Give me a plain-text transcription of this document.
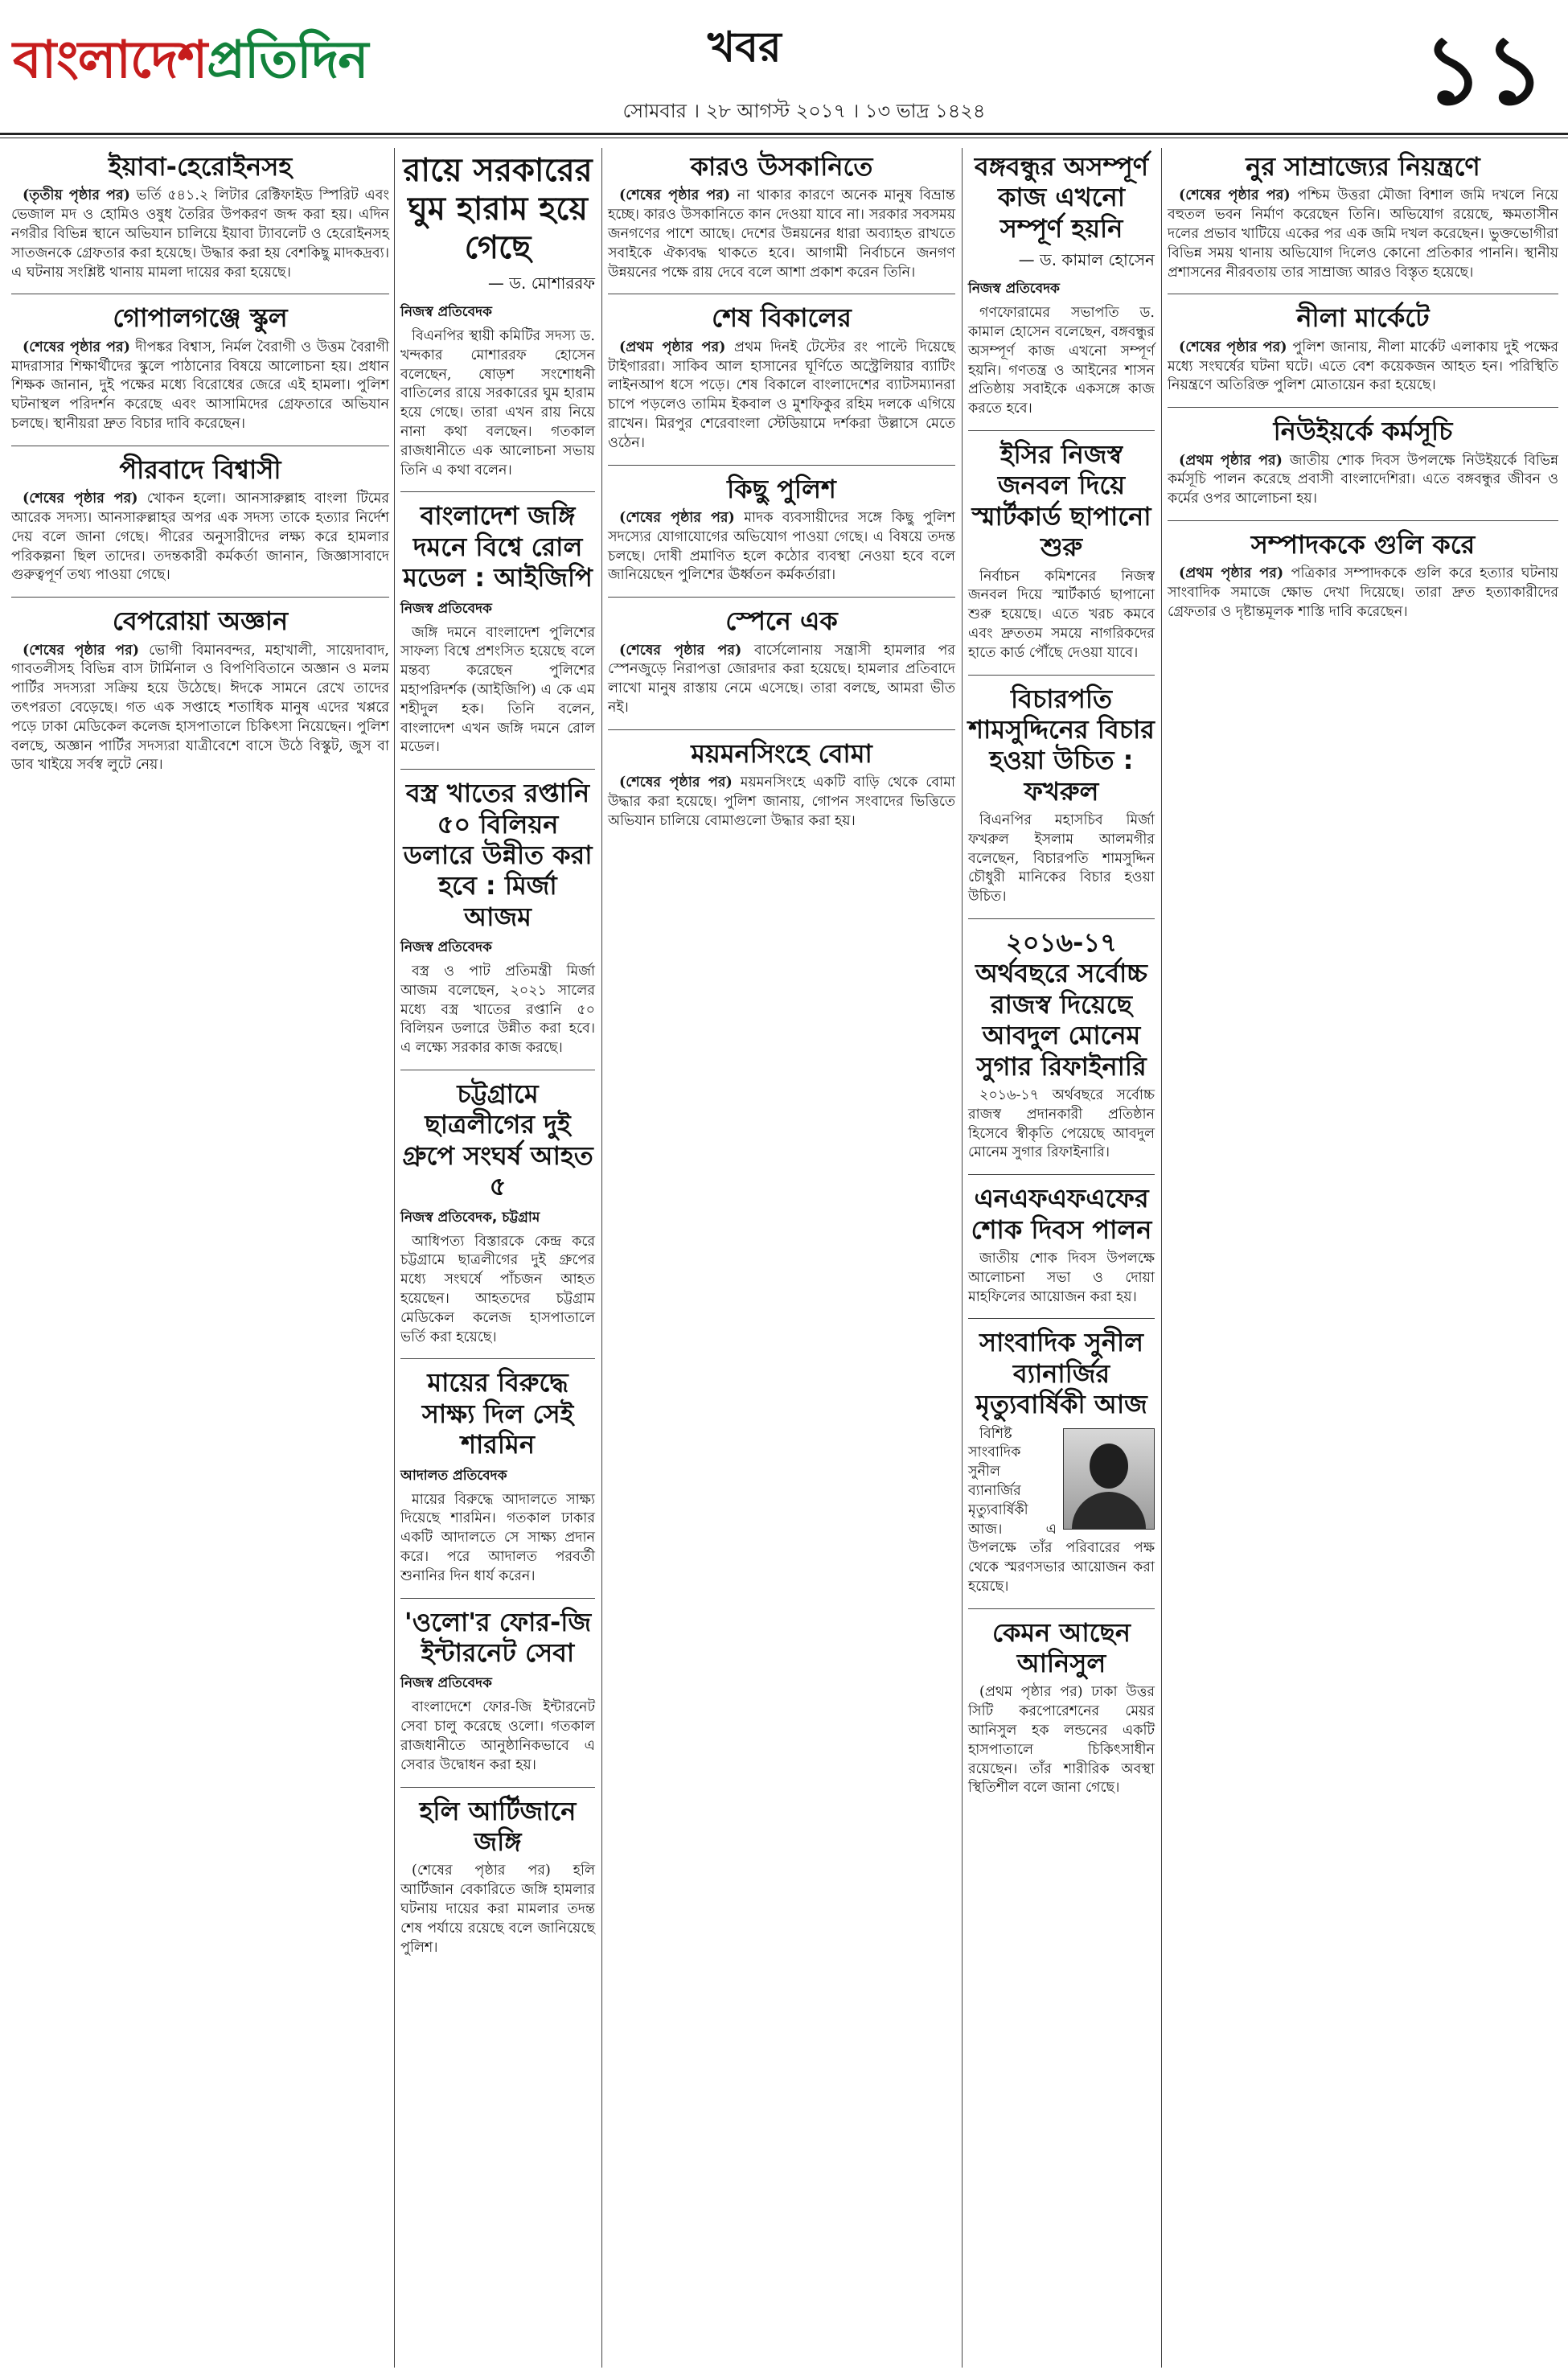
বাংলাদেশপ্রতিদিন	খবর
সোমবার । ২৮ আগস্ট ২০১৭ । ১৩ ভাদ্র ১৪২৪	১১
ইয়াবা-হেরোইনসহ

(তৃতীয় পৃষ্ঠার পর) ভর্তি ৫৪১.২ লিটার রেক্টিফাইড স্পিরিট এবং ভেজাল মদ ও হোমিও ওষুধ তৈরির উপকরণ জব্দ করা হয়। এদিন নগরীর বিভিন্ন স্থানে অভিযান চালিয়ে ইয়াবা ট্যাবলেট ও হেরোইনসহ সাতজনকে গ্রেফতার করা হয়েছে। উদ্ধার করা হয় বেশকিছু মাদকদ্রব্য। এ ঘটনায় সংশ্লিষ্ট থানায় মামলা দায়ের করা হয়েছে।

গোপালগঞ্জে স্কুল

(শেষের পৃষ্ঠার পর) দীপঙ্কর বিশ্বাস, নির্মল বৈরাগী ও উত্তম বৈরাগী মাদরাসার শিক্ষার্থীদের স্কুলে পাঠানোর বিষয়ে আলোচনা হয়। প্রধান শিক্ষক জানান, দুই পক্ষের মধ্যে বিরোধের জেরে এই হামলা। পুলিশ ঘটনাস্থল পরিদর্শন করেছে এবং আসামিদের গ্রেফতারে অভিযান চলছে। স্থানীয়রা দ্রুত বিচার দাবি করেছেন।

পীরবাদে বিশ্বাসী

(শেষের পৃষ্ঠার পর) খোকন হলো। আনসারুল্লাহ বাংলা টিমের আরেক সদস্য। আনসারুল্লাহর অপর এক সদস্য তাকে হত্যার নির্দেশ দেয় বলে জানা গেছে। পীরের অনুসারীদের লক্ষ্য করে হামলার পরিকল্পনা ছিল তাদের। তদন্তকারী কর্মকর্তা জানান, জিজ্ঞাসাবাদে গুরুত্বপূর্ণ তথ্য পাওয়া গেছে।

বেপরোয়া অজ্ঞান

(শেষের পৃষ্ঠার পর) ভোগী বিমানবন্দর, মহাখালী, সায়েদাবাদ, গাবতলীসহ বিভিন্ন বাস টার্মিনাল ও বিপণিবিতানে অজ্ঞান ও মলম পার্টির সদস্যরা সক্রিয় হয়ে উঠেছে। ঈদকে সামনে রেখে তাদের তৎপরতা বেড়েছে। গত এক সপ্তাহে শতাধিক মানুষ এদের খপ্পরে পড়ে ঢাকা মেডিকেল কলেজ হাসপাতালে চিকিৎসা নিয়েছেন। পুলিশ বলছে, অজ্ঞান পার্টির সদস্যরা যাত্রীবেশে বাসে উঠে বিস্কুট, জুস বা ডাব খাইয়ে সর্বস্ব লুটে নেয়।

রায়ে সরকারের ঘুম হারাম হয়ে গেছে
— ড. মোশাররফ
নিজস্ব প্রতিবেদক

বিএনপির স্থায়ী কমিটির সদস্য ড. খন্দকার মোশাররফ হোসেন বলেছেন, ষোড়শ সংশোধনী বাতিলের রায়ে সরকারের ঘুম হারাম হয়ে গেছে। তারা এখন রায় নিয়ে নানা কথা বলছেন। গতকাল রাজধানীতে এক আলোচনা সভায় তিনি এ কথা বলেন।

বাংলাদেশ জঙ্গি দমনে বিশ্বে রোল মডেল : আইজিপি
নিজস্ব প্রতিবেদক

জঙ্গি দমনে বাংলাদেশ পুলিশের সাফল্য বিশ্বে প্রশংসিত হয়েছে বলে মন্তব্য করেছেন পুলিশের মহাপরিদর্শক (আইজিপি) এ কে এম শহীদুল হক। তিনি বলেন, বাংলাদেশ এখন জঙ্গি দমনে রোল মডেল।

বস্ত্র খাতের রপ্তানি ৫০ বিলিয়ন ডলারে উন্নীত করা হবে : মির্জা আজম
নিজস্ব প্রতিবেদক

বস্ত্র ও পাট প্রতিমন্ত্রী মির্জা আজম বলেছেন, ২০২১ সালের মধ্যে বস্ত্র খাতের রপ্তানি ৫০ বিলিয়ন ডলারে উন্নীত করা হবে। এ লক্ষ্যে সরকার কাজ করছে।

চট্টগ্রামে ছাত্রলীগের দুই গ্রুপে সংঘর্ষ আহত ৫
নিজস্ব প্রতিবেদক, চট্টগ্রাম

আধিপত্য বিস্তারকে কেন্দ্র করে চট্টগ্রামে ছাত্রলীগের দুই গ্রুপের মধ্যে সংঘর্ষে পাঁচজন আহত হয়েছেন। আহতদের চট্টগ্রাম মেডিকেল কলেজ হাসপাতালে ভর্তি করা হয়েছে।

মায়ের বিরুদ্ধে সাক্ষ্য দিল সেই শারমিন
আদালত প্রতিবেদক

মায়ের বিরুদ্ধে আদালতে সাক্ষ্য দিয়েছে শারমিন। গতকাল ঢাকার একটি আদালতে সে সাক্ষ্য প্রদান করে। পরে আদালত পরবর্তী শুনানির দিন ধার্য করেন।

'ওলো'র ফোর-জি ইন্টারনেট সেবা
নিজস্ব প্রতিবেদক

বাংলাদেশে ফোর-জি ইন্টারনেট সেবা চালু করেছে ওলো। গতকাল রাজধানীতে আনুষ্ঠানিকভাবে এ সেবার উদ্বোধন করা হয়।

হলি আর্টিজানে জঙ্গি

(শেষের পৃষ্ঠার পর) হলি আর্টিজান বেকারিতে জঙ্গি হামলার ঘটনায় দায়ের করা মামলার তদন্ত শেষ পর্যায়ে রয়েছে বলে জানিয়েছে পুলিশ।

কারও উসকানিতে

(শেষের পৃষ্ঠার পর) না থাকার কারণে অনেক মানুষ বিভ্রান্ত হচ্ছে। কারও উসকানিতে কান দেওয়া যাবে না। সরকার সবসময় জনগণের পাশে আছে। দেশের উন্নয়নের ধারা অব্যাহত রাখতে সবাইকে ঐক্যবদ্ধ থাকতে হবে। আগামী নির্বাচনে জনগণ উন্নয়নের পক্ষে রায় দেবে বলে আশা প্রকাশ করেন তিনি।

শেষ বিকালের

(প্রথম পৃষ্ঠার পর) প্রথম দিনই টেস্টের রং পাল্টে দিয়েছে টাইগাররা। সাকিব আল হাসানের ঘূর্ণিতে অস্ট্রেলিয়ার ব্যাটিং লাইনআপ ধসে পড়ে। শেষ বিকালে বাংলাদেশের ব্যাটসম্যানরা চাপে পড়লেও তামিম ইকবাল ও মুশফিকুর রহিম দলকে এগিয়ে রাখেন। মিরপুর শেরেবাংলা স্টেডিয়ামে দর্শকরা উল্লাসে মেতে ওঠেন।

কিছু পুলিশ

(শেষের পৃষ্ঠার পর) মাদক ব্যবসায়ীদের সঙ্গে কিছু পুলিশ সদস্যের যোগাযোগের অভিযোগ পাওয়া গেছে। এ বিষয়ে তদন্ত চলছে। দোষী প্রমাণিত হলে কঠোর ব্যবস্থা নেওয়া হবে বলে জানিয়েছেন পুলিশের ঊর্ধ্বতন কর্মকর্তারা।

স্পেনে এক

(শেষের পৃষ্ঠার পর) বার্সেলোনায় সন্ত্রাসী হামলার পর স্পেনজুড়ে নিরাপত্তা জোরদার করা হয়েছে। হামলার প্রতিবাদে লাখো মানুষ রাস্তায় নেমে এসেছে। তারা বলছে, আমরা ভীত নই।

ময়মনসিংহে বোমা

(শেষের পৃষ্ঠার পর) ময়মনসিংহে একটি বাড়ি থেকে বোমা উদ্ধার করা হয়েছে। পুলিশ জানায়, গোপন সংবাদের ভিত্তিতে অভিযান চালিয়ে বোমাগুলো উদ্ধার করা হয়।

বঙ্গবন্ধুর অসম্পূর্ণ কাজ এখনো সম্পূর্ণ হয়নি
— ড. কামাল হোসেন
নিজস্ব প্রতিবেদক

গণফোরামের সভাপতি ড. কামাল হোসেন বলেছেন, বঙ্গবন্ধুর অসম্পূর্ণ কাজ এখনো সম্পূর্ণ হয়নি। গণতন্ত্র ও আইনের শাসন প্রতিষ্ঠায় সবাইকে একসঙ্গে কাজ করতে হবে।

ইসির নিজস্ব জনবল দিয়ে স্মার্টকার্ড ছাপানো শুরু

নির্বাচন কমিশনের নিজস্ব জনবল দিয়ে স্মার্টকার্ড ছাপানো শুরু হয়েছে। এতে খরচ কমবে এবং দ্রুততম সময়ে নাগরিকদের হাতে কার্ড পৌঁছে দেওয়া যাবে।

বিচারপতি শামসুদ্দিনের বিচার হওয়া উচিত : ফখরুল

বিএনপির মহাসচিব মির্জা ফখরুল ইসলাম আলমগীর বলেছেন, বিচারপতি শামসুদ্দিন চৌধুরী মানিকের বিচার হওয়া উচিত।

২০১৬-১৭ অর্থবছরে সর্বোচ্চ রাজস্ব দিয়েছে আবদুল মোনেম সুগার রিফাইনারি

২০১৬-১৭ অর্থবছরে সর্বোচ্চ রাজস্ব প্রদানকারী প্রতিষ্ঠান হিসেবে স্বীকৃতি পেয়েছে আবদুল মোনেম সুগার রিফাইনারি।

এনএফএফএফের শোক দিবস পালন

জাতীয় শোক দিবস উপলক্ষে আলোচনা সভা ও দোয়া মাহফিলের আয়োজন করা হয়।

সাংবাদিক সুনীল ব্যানার্জির মৃত্যুবার্ষিকী আজ

বিশিষ্ট সাংবাদিক সুনীল ব্যানার্জির মৃত্যুবার্ষিকী আজ। এ উপলক্ষে তাঁর পরিবারের পক্ষ থেকে স্মরণসভার আয়োজন করা হয়েছে।

কেমন আছেন আনিসুল

(প্রথম পৃষ্ঠার পর) ঢাকা উত্তর সিটি করপোরেশনের মেয়র আনিসুল হক লন্ডনের একটি হাসপাতালে চিকিৎসাধীন রয়েছেন। তাঁর শারীরিক অবস্থা স্থিতিশীল বলে জানা গেছে।

নুর সাম্রাজ্যের নিয়ন্ত্রণে

(শেষের পৃষ্ঠার পর) পশ্চিম উত্তরা মৌজা বিশাল জমি দখলে নিয়ে বহুতল ভবন নির্মাণ করেছেন তিনি। অভিযোগ রয়েছে, ক্ষমতাসীন দলের প্রভাব খাটিয়ে একের পর এক জমি দখল করেছেন। ভুক্তভোগীরা বিভিন্ন সময় থানায় অভিযোগ দিলেও কোনো প্রতিকার পাননি। স্থানীয় প্রশাসনের নীরবতায় তার সাম্রাজ্য আরও বিস্তৃত হয়েছে।

নীলা মার্কেটে

(শেষের পৃষ্ঠার পর) পুলিশ জানায়, নীলা মার্কেট এলাকায় দুই পক্ষের মধ্যে সংঘর্ষের ঘটনা ঘটে। এতে বেশ কয়েকজন আহত হন। পরিস্থিতি নিয়ন্ত্রণে অতিরিক্ত পুলিশ মোতায়েন করা হয়েছে।

নিউইয়র্কে কর্মসূচি

(প্রথম পৃষ্ঠার পর) জাতীয় শোক দিবস উপলক্ষে নিউইয়র্কে বিভিন্ন কর্মসূচি পালন করেছে প্রবাসী বাংলাদেশিরা। এতে বঙ্গবন্ধুর জীবন ও কর্মের ওপর আলোচনা হয়।

সম্পাদককে গুলি করে

(প্রথম পৃষ্ঠার পর) পত্রিকার সম্পাদককে গুলি করে হত্যার ঘটনায় সাংবাদিক সমাজে ক্ষোভ দেখা দিয়েছে। তারা দ্রুত হত্যাকারীদের গ্রেফতার ও দৃষ্টান্তমূলক শাস্তি দাবি করেছেন।
